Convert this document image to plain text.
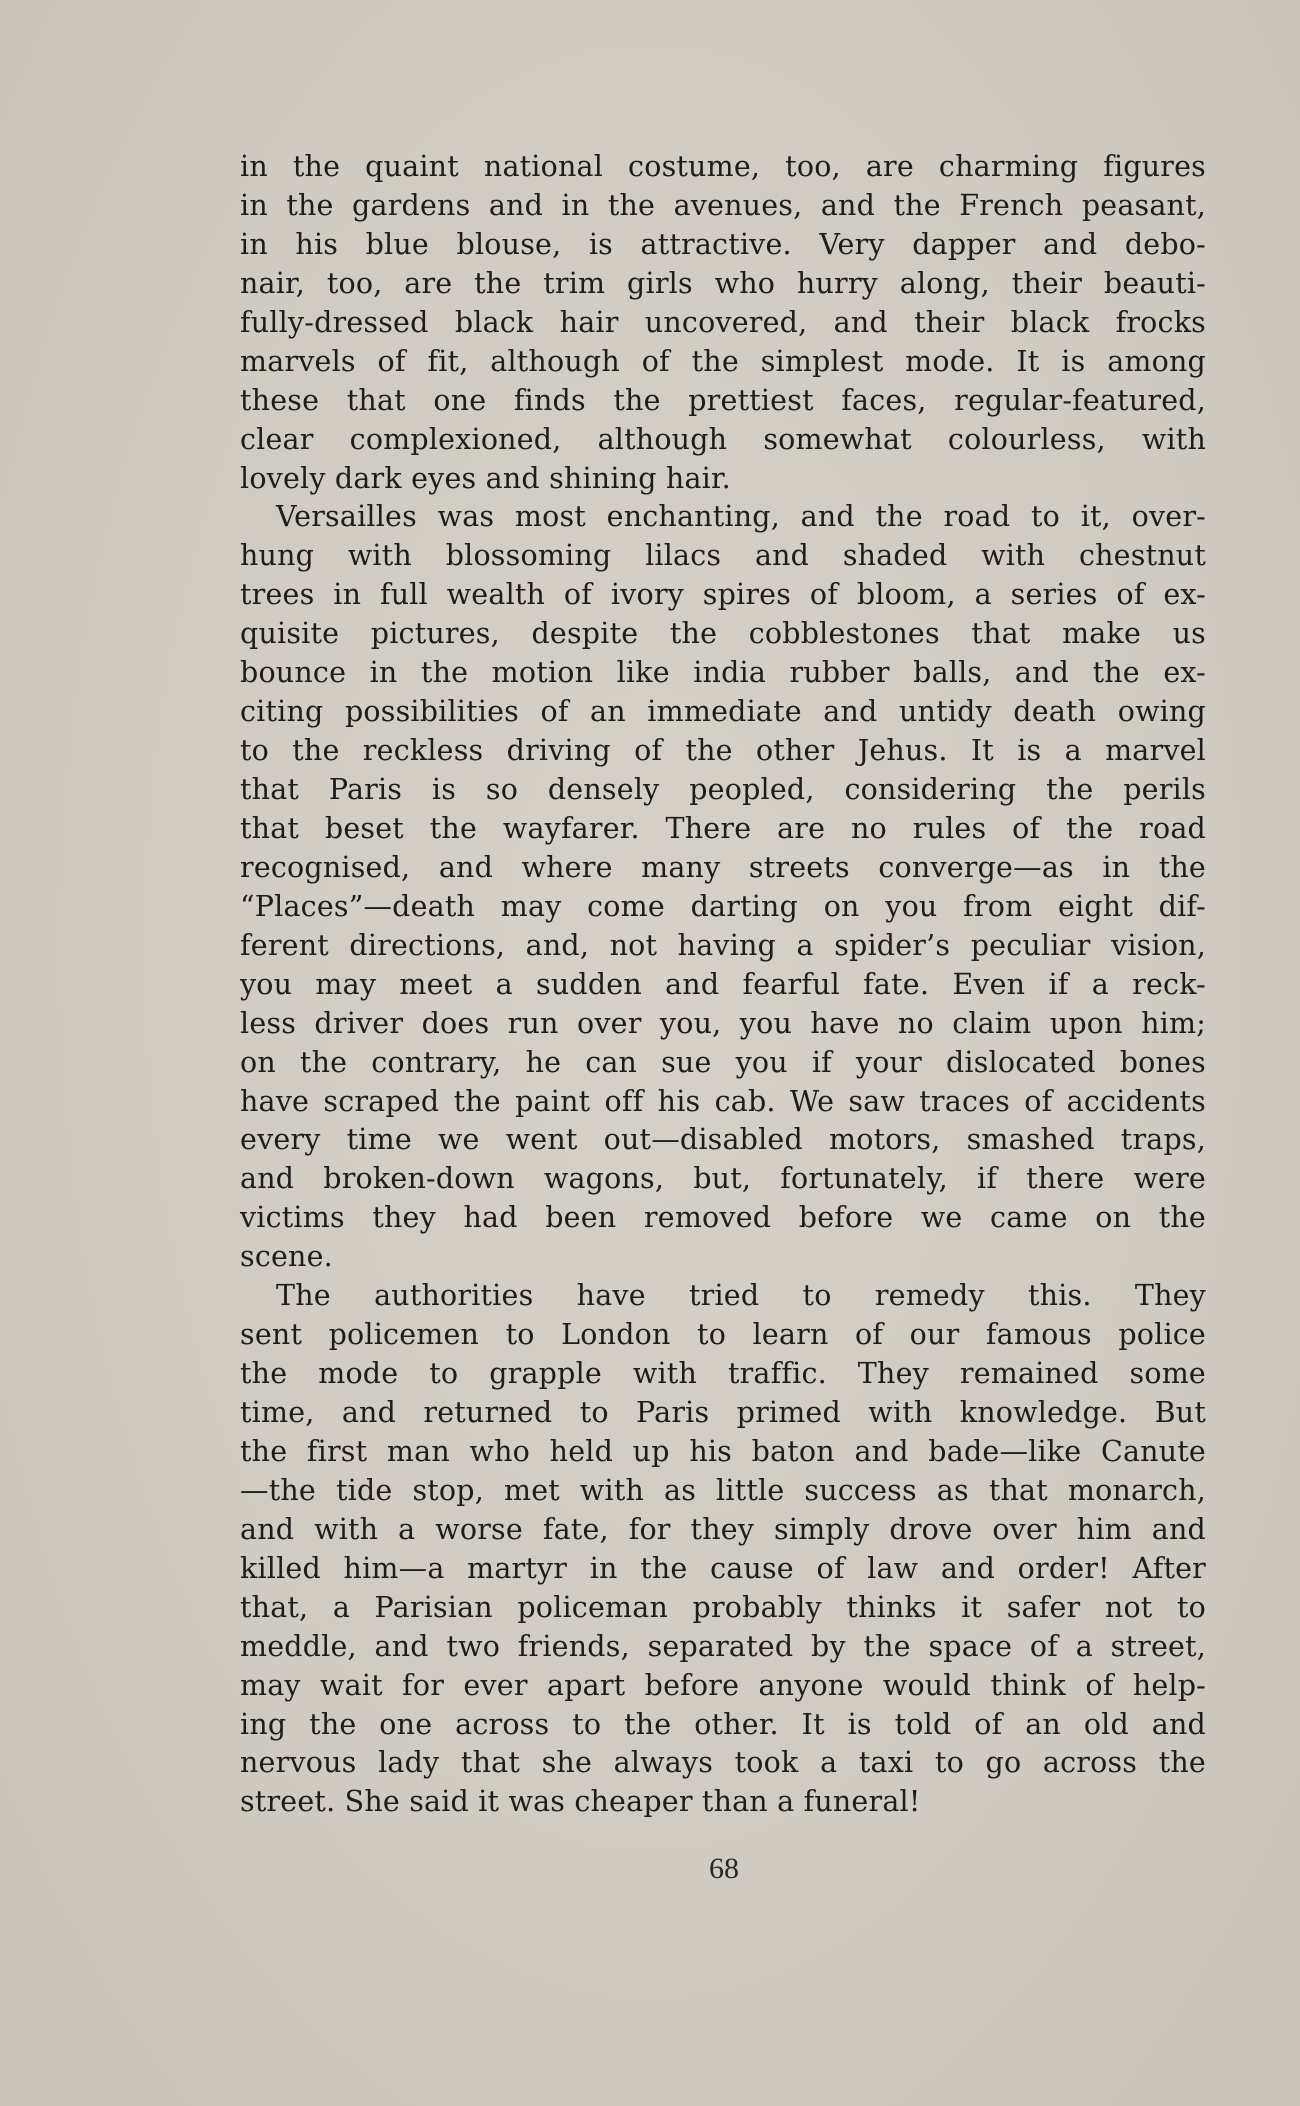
in the quaint national costume, too, are charming figures
in the gardens and in the avenues, and the French peasant,
in his blue blouse, is attractive. Very dapper and debo-
nair, too, are the trim girls who hurry along, their beauti-
fully-dressed black hair uncovered, and their black frocks
marvels of fit, although of the simplest mode. It is among
these that one finds the prettiest faces, regular-featured,
clear complexioned, although somewhat colourless, with
lovely dark eyes and shining hair.
Versailles was most enchanting, and the road to it, over-
hung with blossoming lilacs and shaded with chestnut
trees in full wealth of ivory spires of bloom, a series of ex-
quisite pictures, despite the cobblestones that make us
bounce in the motion like india rubber balls, and the ex-
citing possibilities of an immediate and untidy death owing
to the reckless driving of the other Jehus. It is a marvel
that Paris is so densely peopled, considering the perils
that beset the wayfarer. There are no rules of the road
recognised, and where many streets converge—as in the
“Places”—death may come darting on you from eight dif-
ferent directions, and, not having a spider’s peculiar vision,
you may meet a sudden and fearful fate. Even if a reck-
less driver does run over you, you have no claim upon him;
on the contrary, he can sue you if your dislocated bones
have scraped the paint off his cab. We saw traces of accidents
every time we went out—disabled motors, smashed traps,
and broken-down wagons, but, fortunately, if there were
victims they had been removed before we came on the
scene.
The authorities have tried to remedy this. They
sent policemen to London to learn of our famous police
the mode to grapple with traffic. They remained some
time, and returned to Paris primed with knowledge. But
the first man who held up his baton and bade—like Canute
—the tide stop, met with as little success as that monarch,
and with a worse fate, for they simply drove over him and
killed him—a martyr in the cause of law and order! After
that, a Parisian policeman probably thinks it safer not to
meddle, and two friends, separated by the space of a street,
may wait for ever apart before anyone would think of help-
ing the one across to the other. It is told of an old and
nervous lady that she always took a taxi to go across the
street. She said it was cheaper than a funeral!
68
